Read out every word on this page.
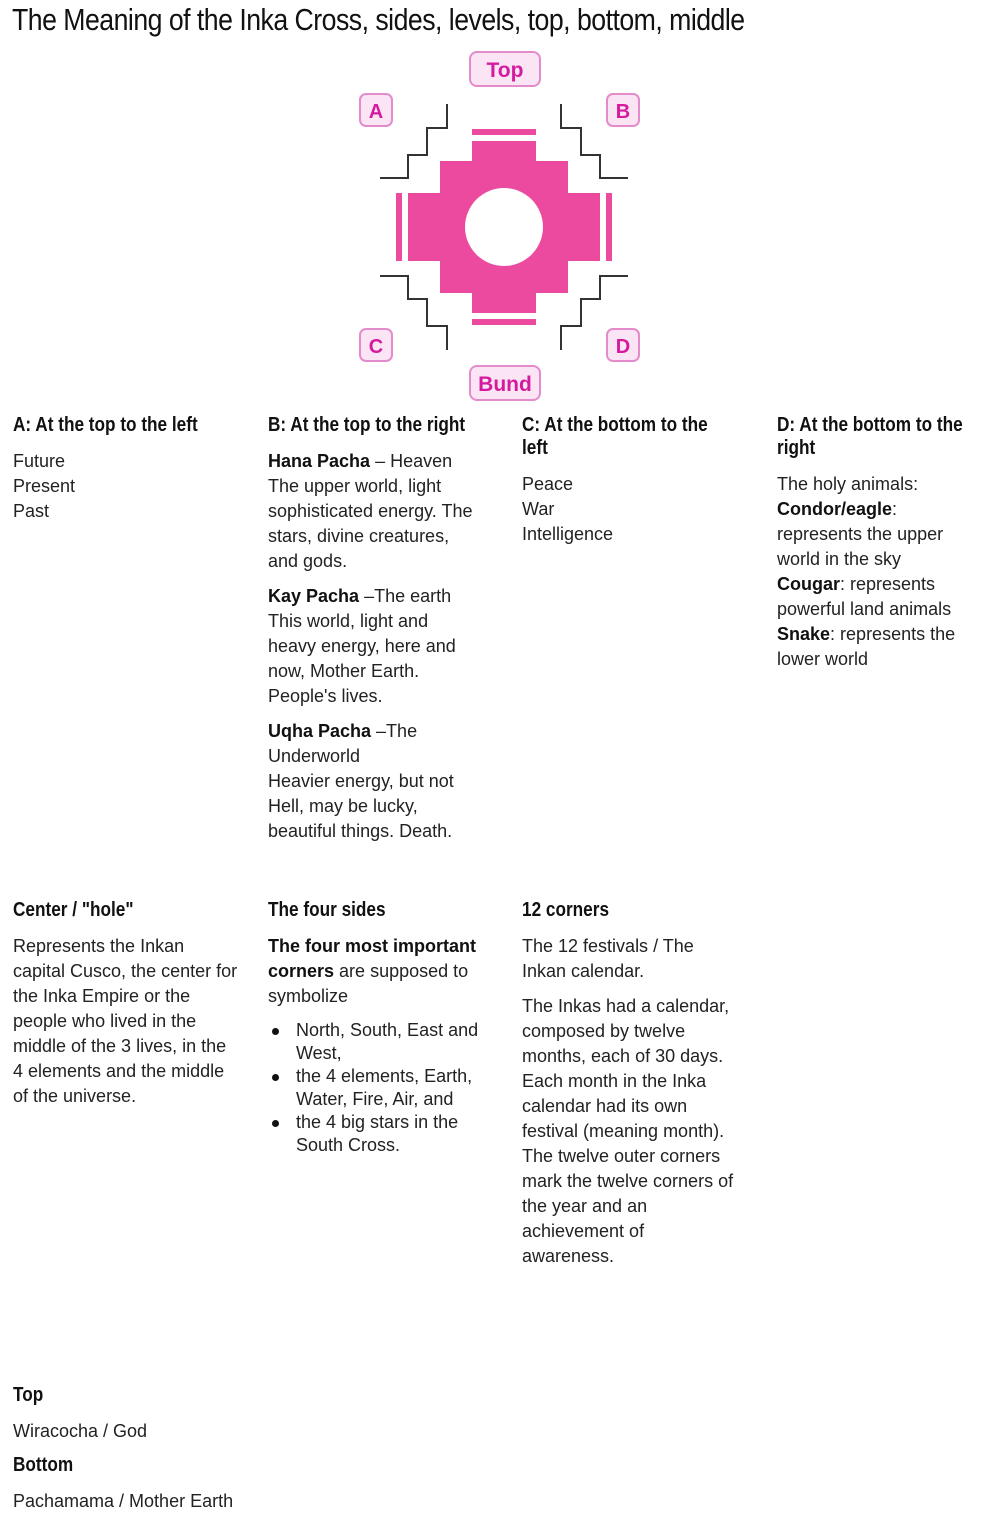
The Meaning of the Inka Cross, sides, levels, top, bottom, middle
Top
Bund
A	B
C	D
A: At the top to the left

Future

Present

Past

B: At the top to the right

Hana Pacha – Heaven

The upper world, light sophisticated energy. The stars, divine creatures, and gods.

Kay Pacha –The earth

This world, light and heavy energy, here and now, Mother Earth. People's lives.

Uqha Pacha –The Underworld

Heavier energy, but not Hell, may be lucky, beautiful things. Death.

C: At the bottom to the left

Peace

War

Intelligence

D: At the bottom to the right

The holy animals:

Condor/eagle: represents the upper world in the sky

Cougar: represents powerful land animals

Snake: represents the lower world

Center / "hole"

Represents the Inkan capital Cusco, the center for the Inka Empire or the people who lived in the middle of the 3 lives, in the 4 elements and the middle of the universe.

The four sides

The four most important corners are supposed to symbolize

North, South, East and West,
the 4 elements, Earth, Water, Fire, Air, and
the 4 big stars in the South Cross.
12 corners

The 12 festivals / The Inkan calendar.

The Inkas had a calendar, composed by twelve months, each of 30 days. Each month in the Inka calendar had its own festival (meaning month). The twelve outer corners mark the twelve corners of the year and an achievement of awareness.

Top

Wiracocha / God

Bottom

Pachamama / Mother Earth
